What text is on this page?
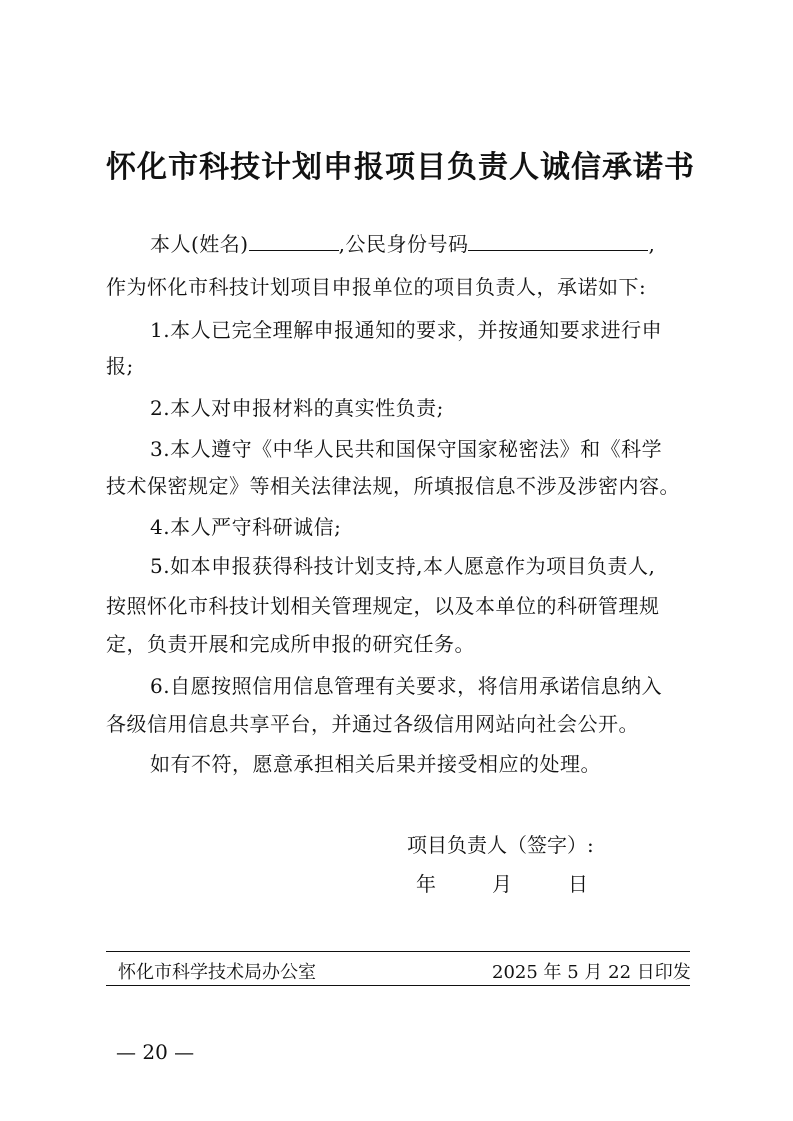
怀化市科技计划申报项目负责人诚信承诺书
本人(姓名)	,公民身份号码	,
作为怀化市科技计划项目申报单位的项目负责人，承诺如下:
1.本人已完全理解申报通知的要求，并按通知要求进行申
报;
2.本人对申报材料的真实性负责;
3.本人遵守《中华人民共和国保守国家秘密法》和《科学
技术保密规定》等相关法律法规，所填报信息不涉及涉密内容。
4.本人严守科研诚信;
5.如本申报获得科技计划支持,本人愿意作为项目负责人,
按照怀化市科技计划相关管理规定，以及本单位的科研管理规
定，负责开展和完成所申报的研究任务。
6.自愿按照信用信息管理有关要求，将信用承诺信息纳入
各级信用信息共享平台，并通过各级信用网站向社会公开。
如有不符，愿意承担相关后果并接受相应的处理。
项目负责人（签字）:
年	月	日
怀化市科学技术局办公室	2025 年 5 月 22 日印发
— 20 —
